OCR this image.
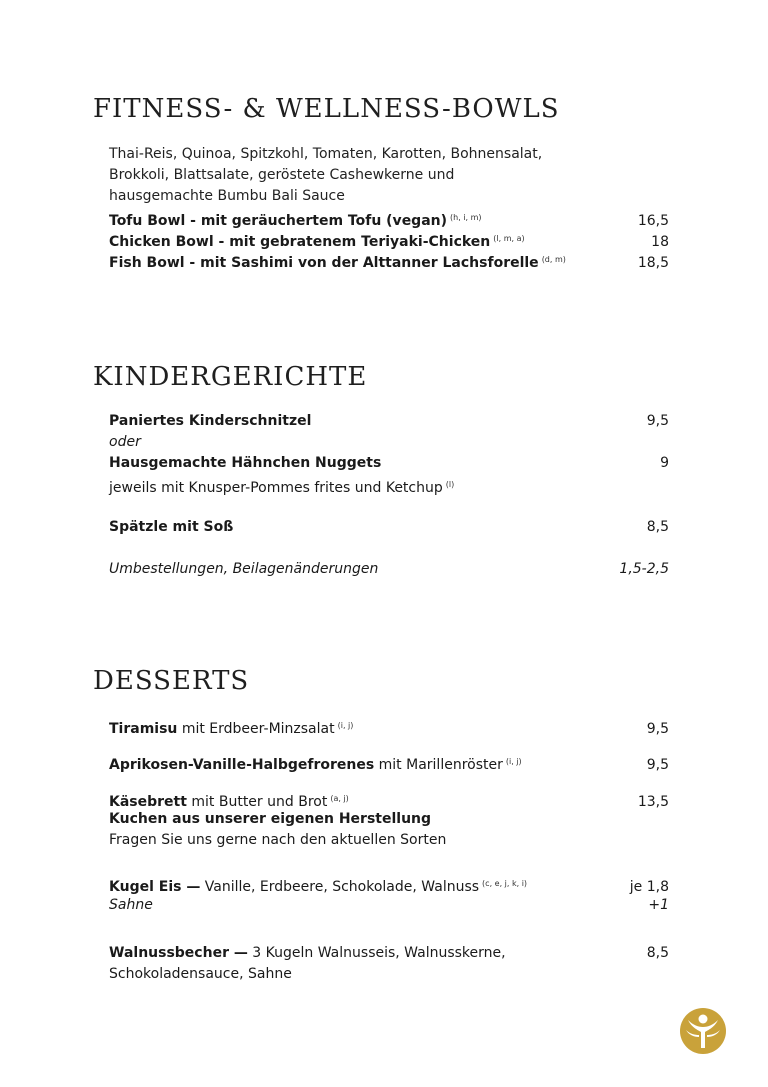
FITNESS- & WELLNESS-BOWLS
Thai-Reis, Quinoa, Spitzkohl, Tomaten, Karotten, Bohnensalat,
Brokkoli, Blattsalate, geröstete Cashewkerne und
hausgemachte Bumbu Bali Sauce
Tofu Bowl - mit geräuchertem Tofu (vegan) $^{(h, i, m)}$	16,5
Chicken Bowl - mit gebratenem Teriyaki-Chicken $^{(l, m, a)}$	18
Fish Bowl - mit Sashimi von der Alttanner Lachsforelle $^{(d, m)}$	18,5
KINDERGERICHTE
Paniertes Kinderschnitzel	9,5
oder
Hausgemachte Hähnchen Nuggets	9
jeweils mit Knusper-Pommes frites und Ketchup $^{(l)}$
Spätzle mit Soß	8,5
Umbestellungen, Beilagenänderungen	1,5-2,5
DESSERTS
Tiramisu mit Erdbeer-Minzsalat $^{(i, j)}$	9,5
Aprikosen-Vanille-Halbgefrorenes mit Marillenröster $^{(i, j)}$	9,5
Käsebrett mit Butter und Brot $^{(a, j)}$	13,5
Kuchen aus unserer eigenen Herstellung
Fragen Sie uns gerne nach den aktuellen Sorten
Kugel Eis — Vanille, Erdbeere, Schokolade, Walnuss $^{(c, e, j, k, i)}$	je 1,8
Sahne	+1
Walnussbecher — 3 Kugeln Walnusseis, Walnusskerne,	8,5
Schokoladensauce, Sahne
